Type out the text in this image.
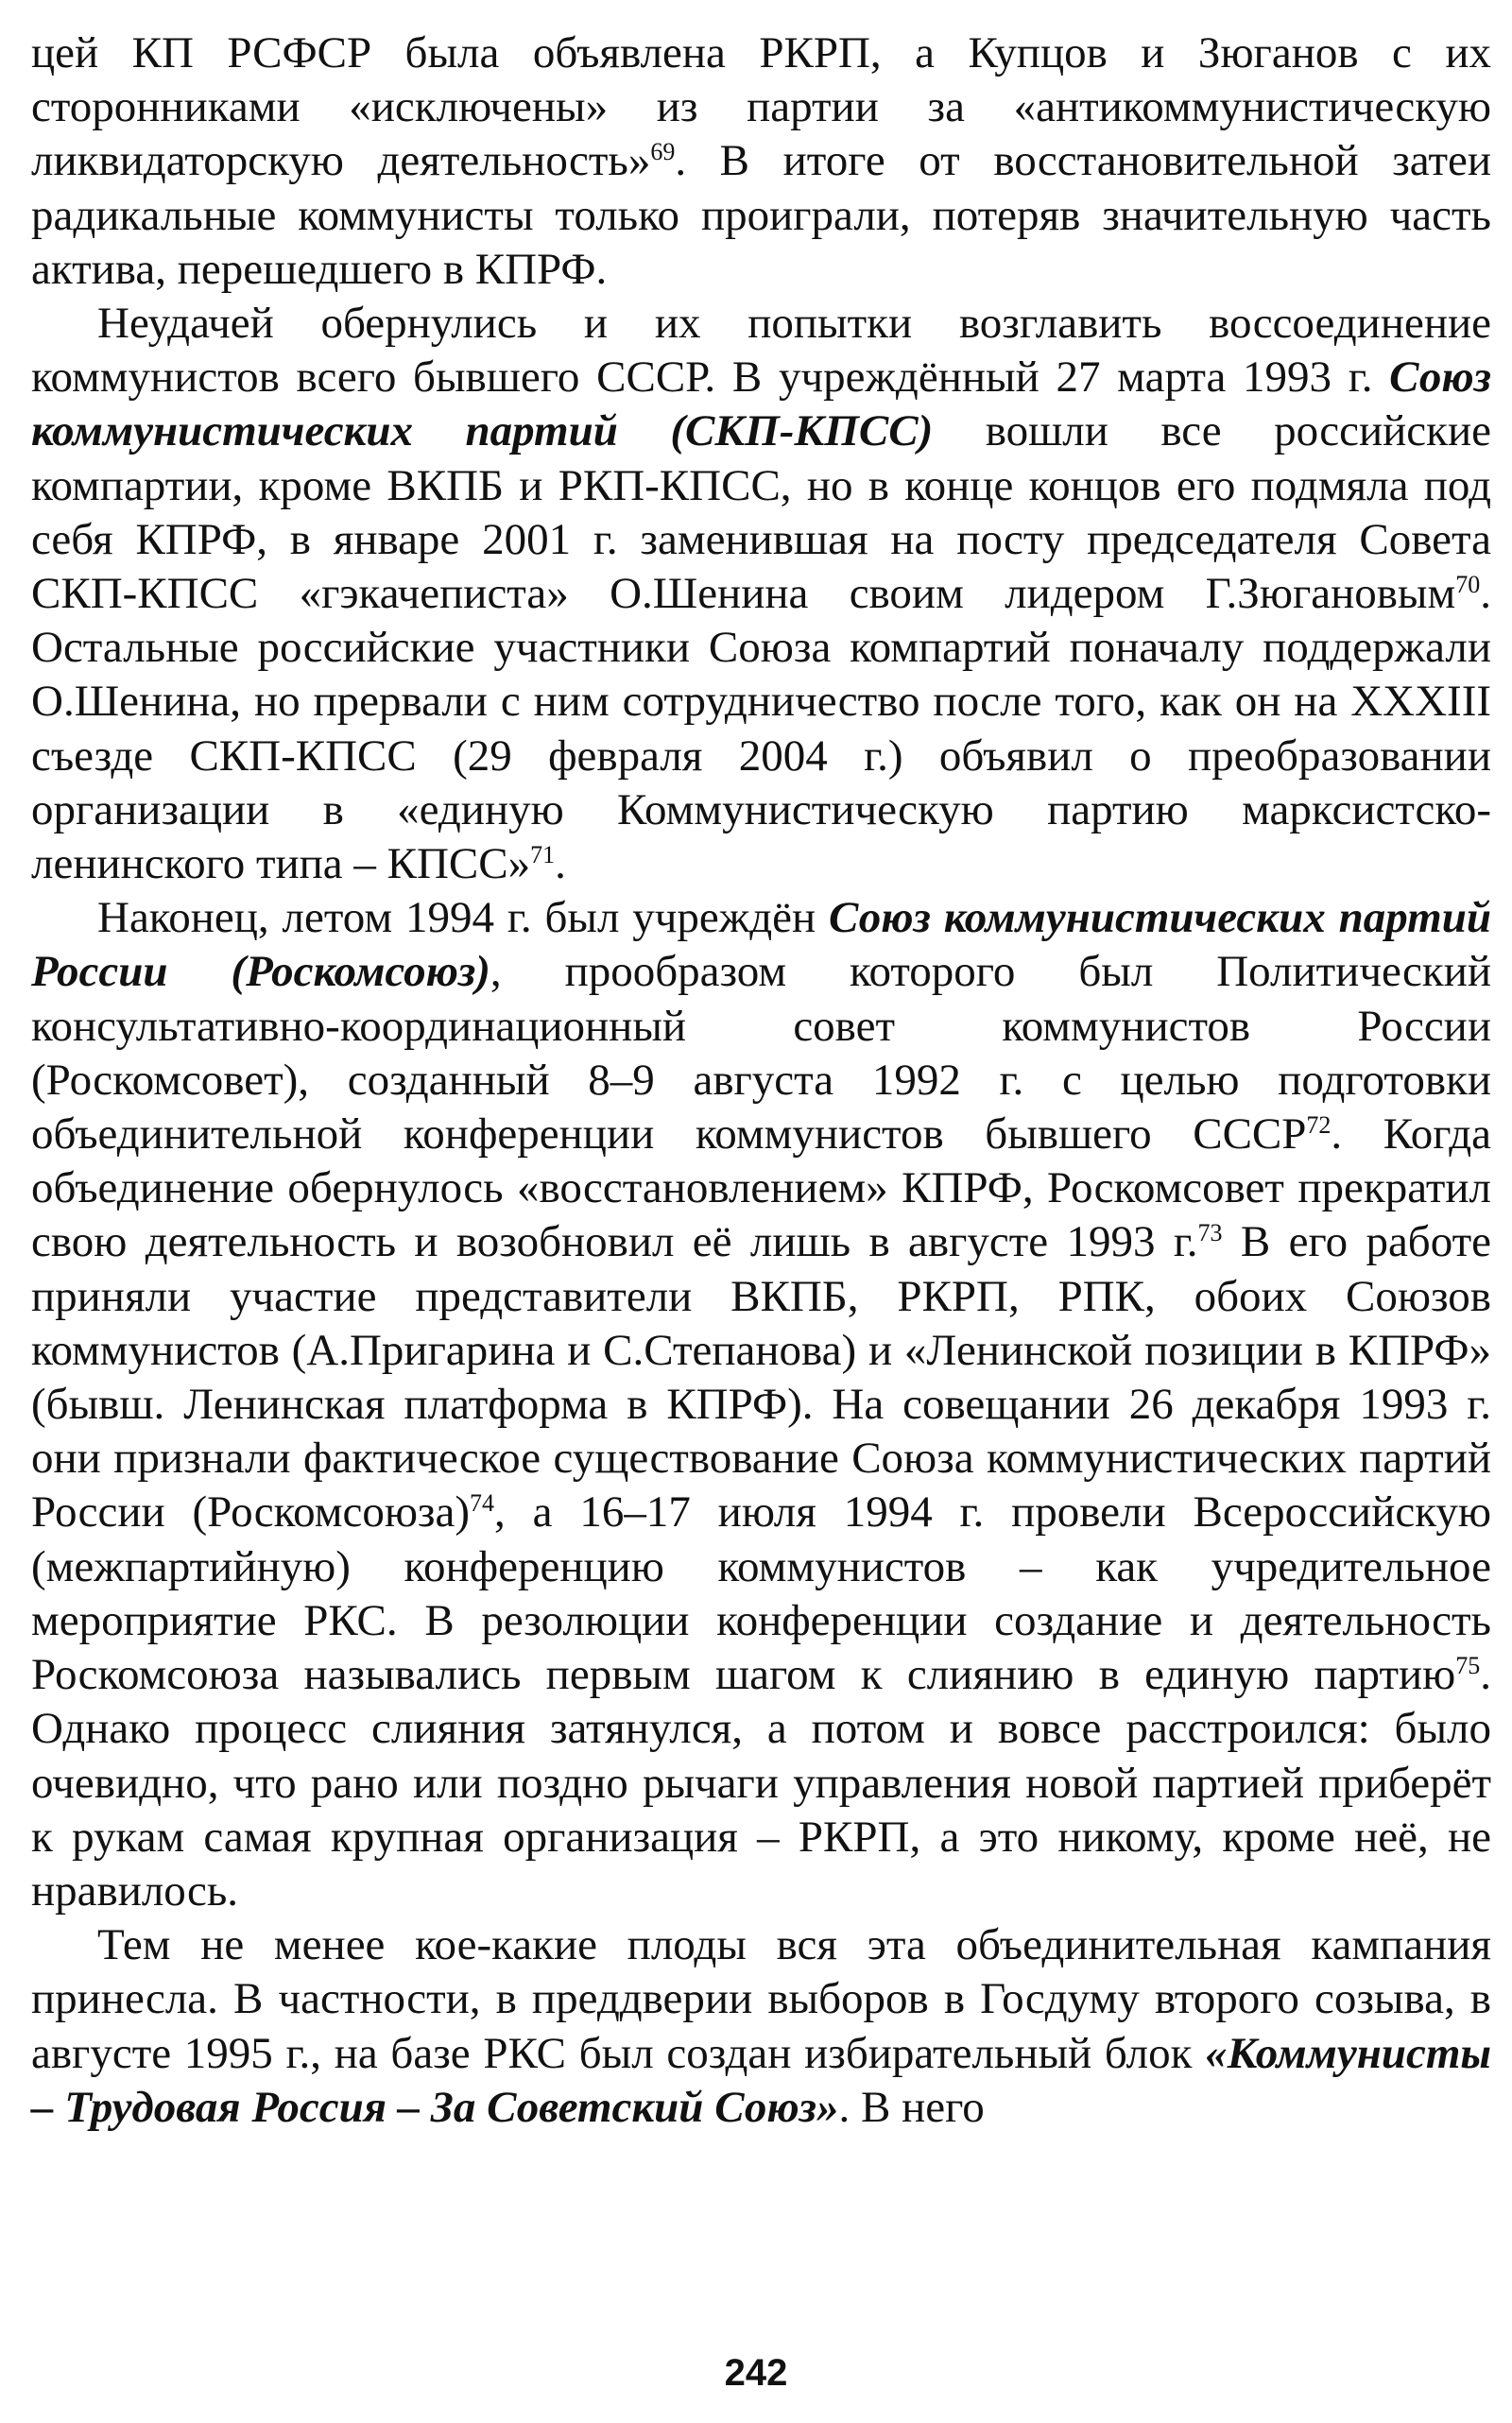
цей КП РСФСР была объявлена РКРП, а Купцов и Зюганов с их сторонниками «исключены» из партии за «антикоммунистическую ликвидаторскую деятельность»$^{69}$. В итоге от восстановительной затеи радикальные коммунисты только проиграли, потеряв значительную часть актива, перешедшего в КПРФ.

Неудачей обернулись и их попытки возглавить воссоединение коммунистов всего бывшего СССР. В учреждённый 27 марта 1993 г. Союз коммунистических партий (СКП-КПСС) вошли все российские компартии, кроме ВКПБ и РКП-КПСС, но в конце концов его подмяла под себя КПРФ, в январе 2001 г. заменившая на посту председателя Совета СКП-КПСС «гэкачеписта» О.Шенина своим лидером Г.Зюгановым$^{70}$. Остальные российские участники Союза компартий поначалу поддержали О.Шенина, но прервали с ним сотрудничество после того, как он на XXXIII съезде СКП-КПСС (29 февраля 2004 г.) объявил о преобразовании организации в «единую Коммунистическую партию марксистско-ленинского типа – КПСС»$^{71}$.

Наконец, летом 1994 г. был учреждён Союз коммунистических партий России (Роскомсоюз), прообразом которого был Политический консультативно-координационный совет коммунистов России (Роскомсовет), созданный 8–9 августа 1992 г. с целью подготовки объединительной конференции коммунистов бывшего СССР$^{72}$. Когда объединение обернулось «восстановлением» КПРФ, Роскомсовет прекратил свою деятельность и возобновил её лишь в августе 1993 г.$^{73}$ В его работе приняли участие представители ВКПБ, РКРП, РПК, обоих Союзов коммунистов (А.Пригарина и С.Степанова) и «Ленинской позиции в КПРФ» (бывш. Ленинская платформа в КПРФ). На совещании 26 декабря 1993 г. они признали фактическое существование Союза коммунистических партий России (Роскомсоюза)$^{74}$, а 16–17 июля 1994 г. провели Всероссийскую (межпартийную) конференцию коммунистов – как учредительное мероприятие РКС. В резолюции конференции создание и деятельность Роскомсоюза назывались первым шагом к слиянию в единую партию$^{75}$. Однако процесс слияния затянулся, а потом и вовсе расстроился: было очевидно, что рано или поздно рычаги управления новой партией приберёт к рукам самая крупная организация – РКРП, а это никому, кроме неё, не нравилось.

Тем не менее кое-какие плоды вся эта объединительная кампания принесла. В частности, в преддверии выборов в Госдуму второго созыва, в августе 1995 г., на базе РКС был создан избирательный блок «Коммунисты – Трудовая Россия – За Советский Союз». В него

242
